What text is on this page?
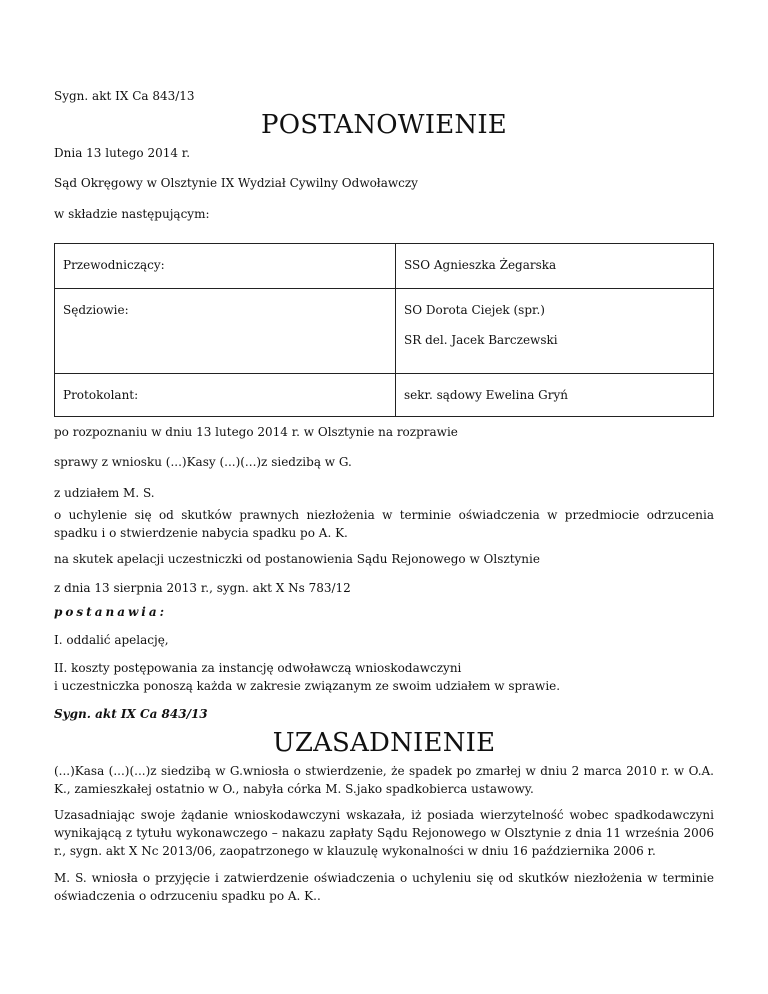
Sygn. akt IX Ca 843/13

POSTANOWIENIE

Dnia 13 lutego 2014 r.

Sąd Okręgowy w Olsztynie IX Wydział Cywilny Odwoławczy

w składzie następującym:

Przewodniczący:	SSO Agnieszka Żegarska

Sędziowie:	SO Dorota Ciejek (spr.)
SR del. Jacek Barczewski

Protokolant:	sekr. sądowy Ewelina Gryń

po rozpoznaniu w dniu 13 lutego 2014 r. w Olsztynie na rozprawie

sprawy z wniosku (...)Kasy (...)(...)z siedzibą w G.

z udziałem M. S.

o uchylenie się od skutków prawnych niezłożenia w terminie oświadczenia w przedmiocie odrzucenia spadku i o stwierdzenie nabycia spadku po A. K.

na skutek apelacji uczestniczki od postanowienia Sądu Rejonowego w Olsztynie

z dnia 13 sierpnia 2013 r., sygn. akt X Ns 783/12

postanawia:

I. oddalić apelację,

II. koszty postępowania za instancję odwoławczą wnioskodawczyni

i uczestniczka ponoszą każda w zakresie związanym ze swoim udziałem w sprawie.

Sygn. akt IX Ca 843/13

UZASADNIENIE

(...)Kasa (...)(...)z siedzibą w G.wniosła o stwierdzenie, że spadek po zmarłej w dniu 2 marca 2010 r. w O.A. K., zamieszkałej ostatnio w O., nabyła córka M. S.jako spadkobierca ustawowy.

Uzasadniając swoje żądanie wnioskodawczyni wskazała, iż posiada wierzytelność wobec spadkodawczyni wynikającą z tytułu wykonawczego – nakazu zapłaty Sądu Rejonowego w Olsztynie z dnia 11 września 2006 r., sygn. akt X Nc 2013/06, zaopatrzonego w klauzulę wykonalności w dniu 16 października 2006 r.

M. S. wniosła o przyjęcie i zatwierdzenie oświadczenia o uchyleniu się od skutków niezłożenia w terminie oświadczenia o odrzuceniu spadku po A. K..
